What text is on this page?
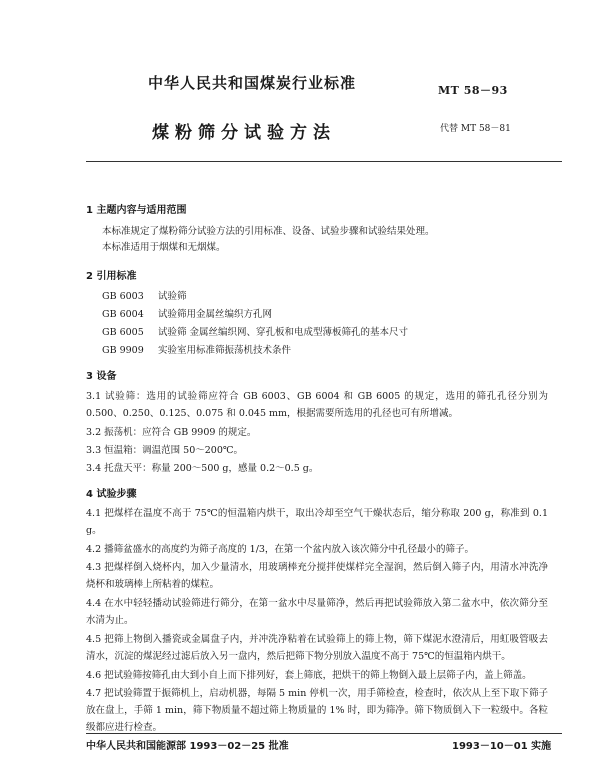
中华人民共和国煤炭行业标准	MT 58－93
煤粉筛分试验方法	代替 MT 58－81
1 主题内容与适用范围
本标准规定了煤粉筛分试验方法的引用标准、设备、试验步骤和试验结果处理。
本标准适用于烟煤和无烟煤。
2 引用标准
GB 6003 试验筛
GB 6004 试验筛用金属丝编织方孔网
GB 6005 试验筛 金属丝编织网、穿孔板和电成型薄板筛孔的基本尺寸
GB 9909 实验室用标准筛振荡机技术条件
3 设备
3.1 试验筛：选用的试验筛应符合 GB 6003、GB 6004 和 GB 6005 的规定，选用的筛孔孔径分别为 0.500、0.250、0.125、0.075 和 0.045 mm，根据需要所选用的孔径也可有所增减。
3.2 振荡机：应符合 GB 9909 的规定。
3.3 恒温箱：调温范围 50～200℃。
3.4 托盘天平：称量 200～500 g，感量 0.2～0.5 g。
4 试验步骤
4.1 把煤样在温度不高于 75℃的恒温箱内烘干，取出冷却至空气干燥状态后，缩分称取 200 g，称准到 0.1 g。
4.2 播筛盆盛水的高度约为筛子高度的 1/3，在第一个盆内放入该次筛分中孔径最小的筛子。
4.3 把煤样倒入烧杯内，加入少量清水，用玻璃棒充分搅拌使煤样完全湿润，然后倒入筛子内，用清水冲洗净烧杯和玻璃棒上所粘着的煤粒。
4.4 在水中轻轻播动试验筛进行筛分，在第一盆水中尽量筛净，然后再把试验筛放入第二盆水中，依次筛分至水清为止。
4.5 把筛上物倒入播瓷或金属盘子内，并冲洗净粘着在试验筛上的筛上物，筛下煤泥水澄清后，用虹吸管吸去清水，沉淀的煤泥经过滤后放入另一盘内，然后把筛下物分别放入温度不高于 75℃的恒温箱内烘干。
4.6 把试验筛按筛孔由大到小自上而下排列好，套上筛底，把烘干的筛上物倒入最上层筛子内，盖上筛盖。
4.7 把试验筛置于振筛机上，启动机器，每隔 5 min 停机一次，用手筛检查，检查时，依次从上至下取下筛子放在盘上，手筛 1 min，筛下物质量不超过筛上物质量的 1% 时，即为筛净。筛下物质倒入下一粒级中。各粒级都应进行检查。
中华人民共和国能源部 1993－02－25 批准	1993－10－01 实施
